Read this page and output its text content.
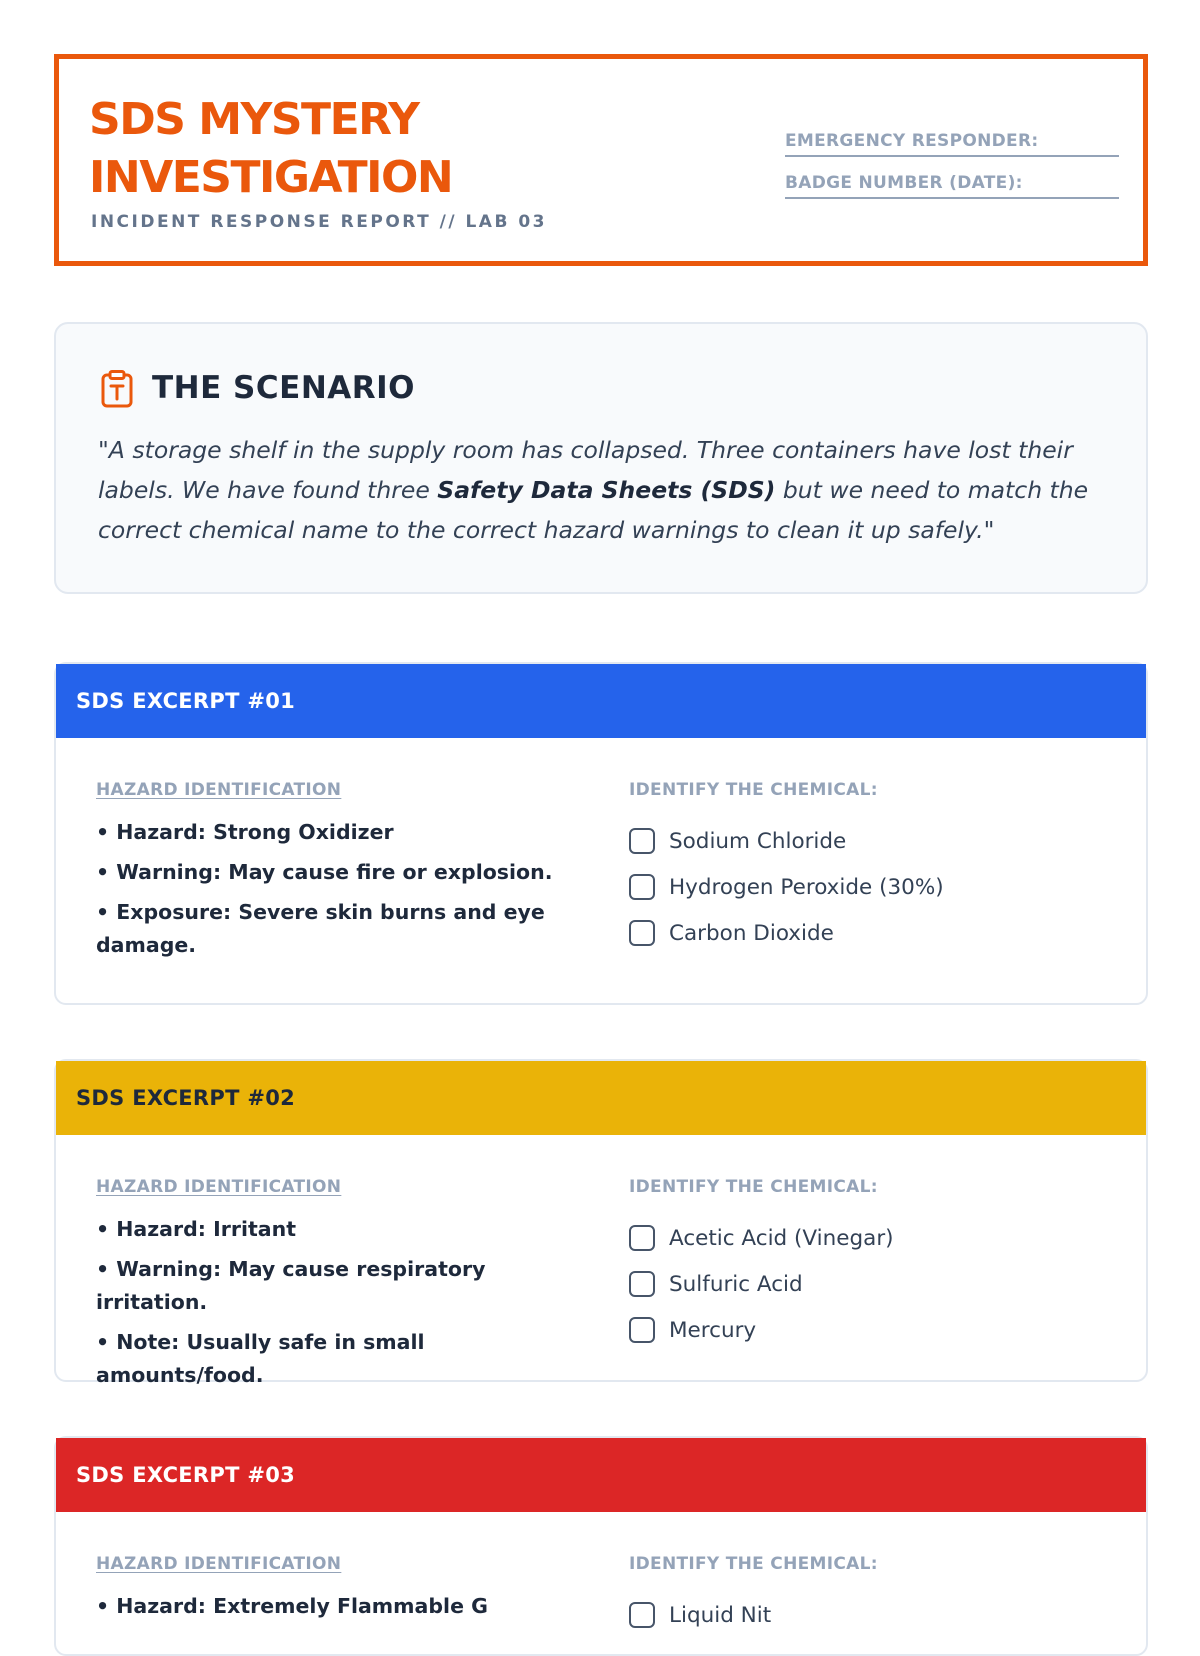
SDS MYSTERY INVESTIGATION
INCIDENT RESPONSE REPORT // LAB 03
EMERGENCY RESPONDER:
BADGE NUMBER (DATE):
THE SCENARIO

"A storage shelf in the supply room has collapsed. Three containers have lost their labels. We have found three Safety Data Sheets (SDS) but we need to match the correct chemical name to the correct hazard warnings to clean it up safely."

SDS EXCERPT #01
HAZARD IDENTIFICATION
• Hazard: Strong Oxidizer
• Warning: May cause fire or explosion.
• Exposure: Severe skin burns and eye damage.
IDENTIFY THE CHEMICAL:
Sodium Chloride
Hydrogen Peroxide (30%)
Carbon Dioxide
SDS EXCERPT #02
HAZARD IDENTIFICATION
• Hazard: Irritant
• Warning: May cause respiratory irritation.
• Note: Usually safe in small amounts/food.
IDENTIFY THE CHEMICAL:
Acetic Acid (Vinegar)
Sulfuric Acid
Mercury
SDS EXCERPT #03
HAZARD IDENTIFICATION
• Hazard: Extremely Flammable G
IDENTIFY THE CHEMICAL:
Liquid Nit
